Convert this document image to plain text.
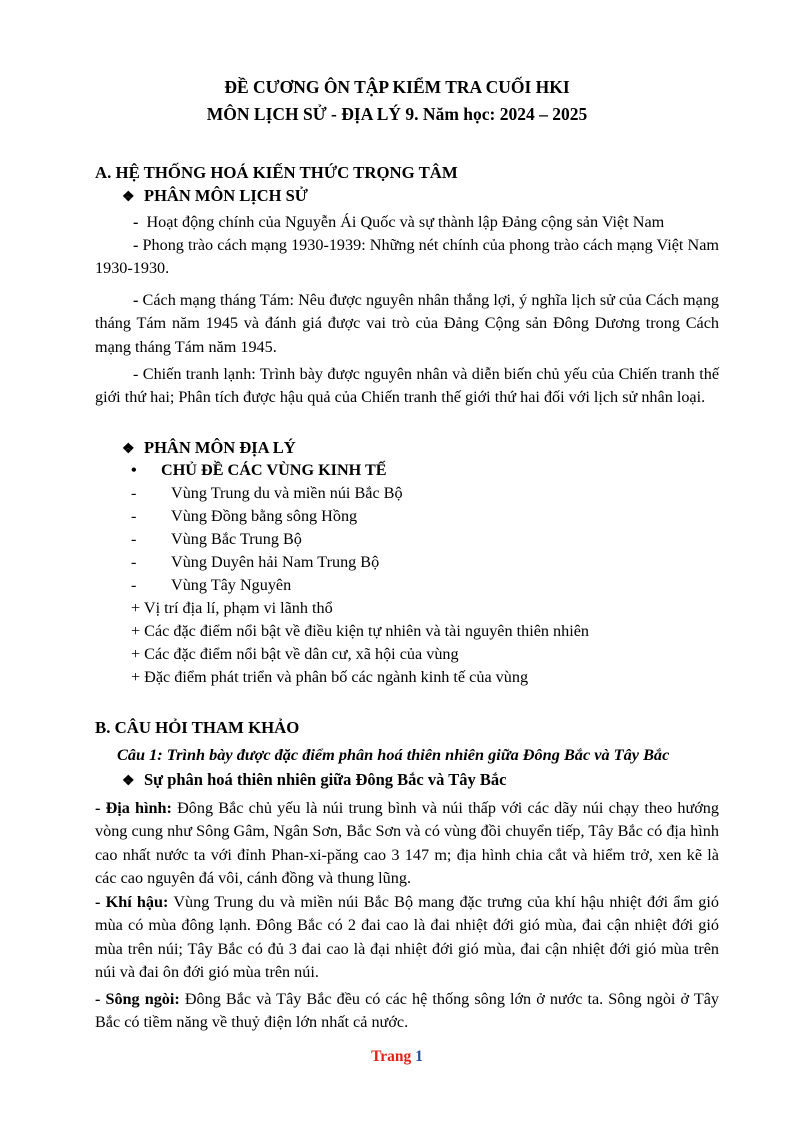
ĐỀ CƯƠNG ÔN TẬP KIỂM TRA CUỐI HKI
MÔN LỊCH SỬ - ĐỊA LÝ 9. Năm học: 2024 – 2025
A. HỆ THỐNG HOÁ KIẾN THỨC TRỌNG TÂM
❖ PHÂN MÔN LỊCH SỬ
- Hoạt động chính của Nguyễn Ái Quốc và sự thành lập Đảng cộng sản Việt Nam
- Phong trào cách mạng 1930-1939: Những nét chính của phong trào cách mạng Việt Nam 1930-1930.
- Cách mạng tháng Tám: Nêu được nguyên nhân thắng lợi, ý nghĩa lịch sử của Cách mạng tháng Tám năm 1945 và đánh giá được vai trò của Đảng Cộng sản Đông Dương trong Cách mạng tháng Tám năm 1945.
- Chiến tranh lạnh: Trình bày được nguyên nhân và diễn biến chủ yếu của Chiến tranh thế giới thứ hai; Phân tích được hậu quả của Chiến tranh thế giới thứ hai đối với lịch sử nhân loại.
❖ PHÂN MÔN ĐỊA LÝ
• CHỦ ĐỀ CÁC VÙNG KINH TẾ
- Vùng Trung du và miền núi Bắc Bộ
- Vùng Đồng bằng sông Hồng
- Vùng Bắc Trung Bộ
- Vùng Duyên hải Nam Trung Bộ
- Vùng Tây Nguyên
+ Vị trí địa lí, phạm vi lãnh thổ
+ Các đặc điểm nổi bật về điều kiện tự nhiên và tài nguyên thiên nhiên
+ Các đặc điểm nổi bật về dân cư, xã hội của vùng
+ Đặc điểm phát triển và phân bố các ngành kinh tế của vùng
B. CÂU HỎI THAM KHẢO
Câu 1: Trình bày được đặc điểm phân hoá thiên nhiên giữa Đông Bắc và Tây Bắc
❖ Sự phân hoá thiên nhiên giữa Đông Bắc và Tây Bắc
- Địa hình: Đông Bắc chủ yếu là núi trung bình và núi thấp với các dãy núi chạy theo hướng vòng cung như Sông Gâm, Ngân Sơn, Bắc Sơn và có vùng đồi chuyển tiếp, Tây Bắc có địa hình cao nhất nước ta với đỉnh Phan-xi-păng cao 3 147 m; địa hình chia cắt và hiểm trở, xen kẽ là các cao nguyên đá vôi, cánh đồng và thung lũng.
- Khí hậu: Vùng Trung du và miền núi Bắc Bộ mang đặc trưng của khí hậu nhiệt đới ẩm gió mùa có mùa đông lạnh. Đông Bắc có 2 đai cao là đai nhiệt đới gió mùa, đai cận nhiệt đới gió mùa trên núi; Tây Bắc có đủ 3 đai cao là đại nhiệt đới gió mùa, đai cận nhiệt đới gió mùa trên núi và đai ôn đới gió mùa trên núi.
- Sông ngòi: Đông Bắc và Tây Bắc đều có các hệ thống sông lớn ở nước ta. Sông ngòi ở Tây Bắc có tiềm năng về thuỷ điện lớn nhất cả nước.
Trang 1
